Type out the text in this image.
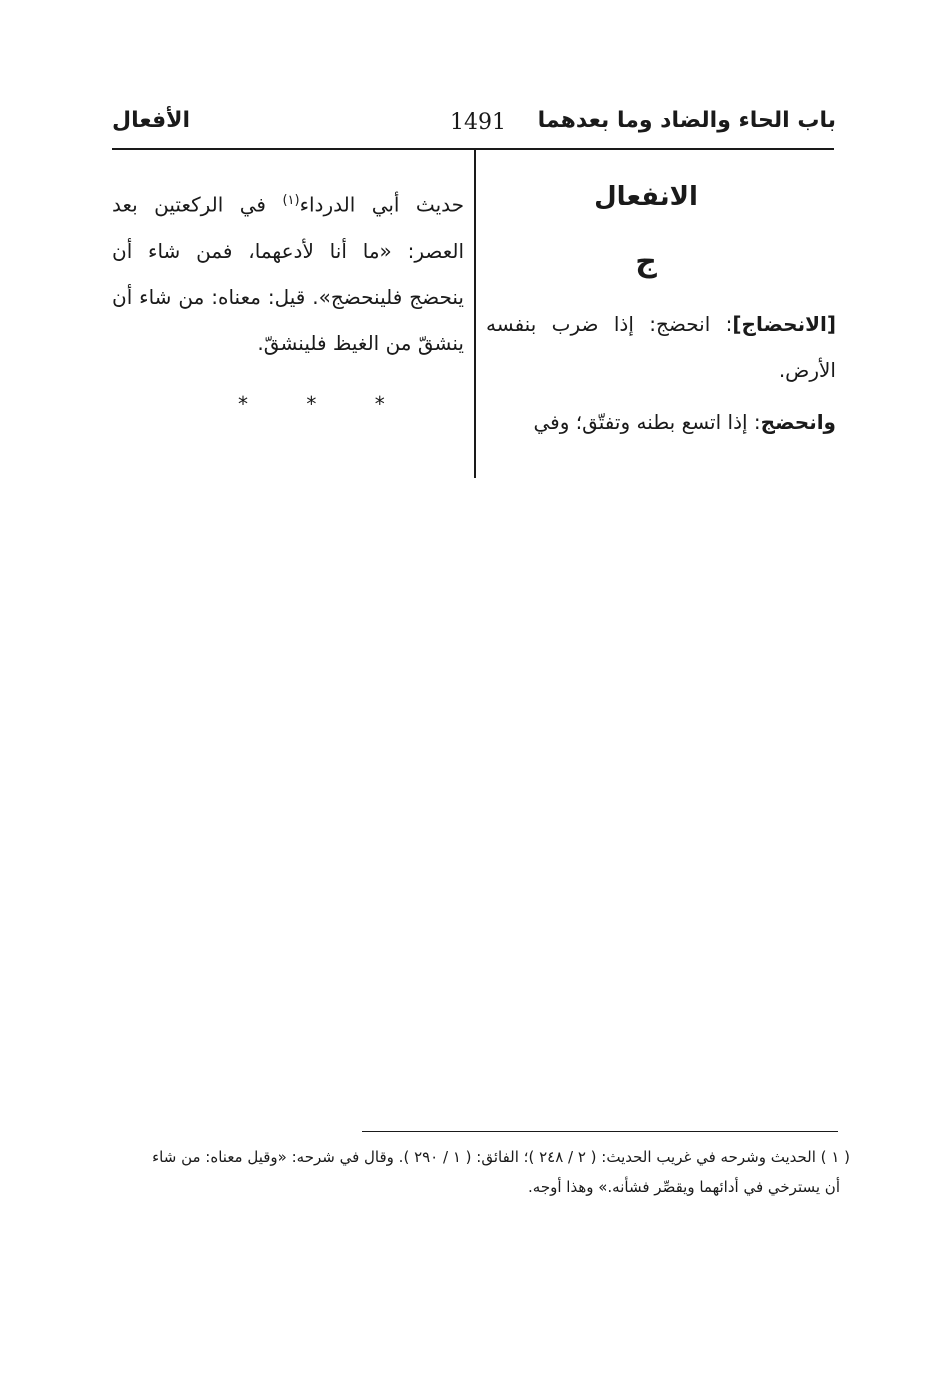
باب الحاء والضاد وما بعدهما
1491
الأفعال
الانفعال
ج

[الانحضاج]: انحضج: إذا ضرب بنفسه الأرض.

وانحضج: إذا اتسع بطنه وتفتّق؛ وفي

حديث أبي الدرداء$^{(١)}$ في الركعتين بعد العصر: «ما أنا لأدعهما، فمن شاء أن ينحضج فلينحضج». قيل: معناه: من شاء أن ينشقّ من الغيظ فلينشقّ.
* * *
( ١ ) الحديث وشرحه في غريب الحديث: ( ٢ / ٢٤٨ )؛ الفائق: ( ١ / ٢٩٠ ). وقال في شرحه: «وقيل معناه: من شاء
أن يسترخي في أدائهما ويقصِّر فشأنه.» وهذا أوجه.
